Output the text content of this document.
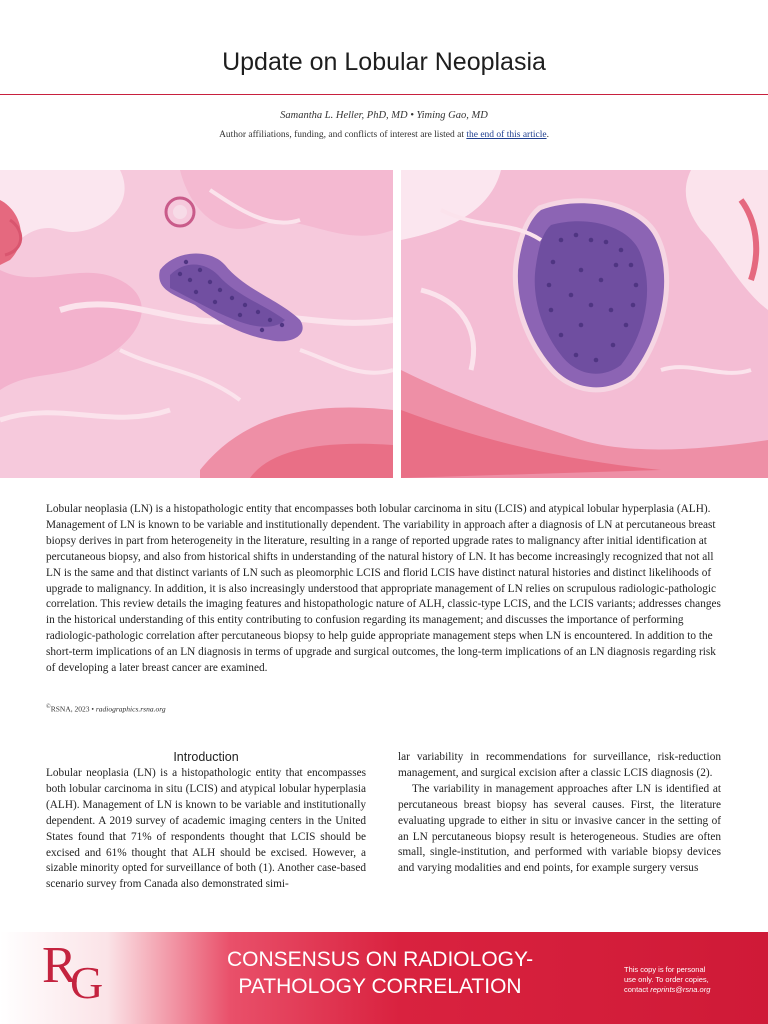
Update on Lobular Neoplasia
Samantha L. Heller, PhD, MD • Yiming Gao, MD
Author affiliations, funding, and conflicts of interest are listed at the end of this article.
Lobular neoplasia (LN) is a histopathologic entity that encompasses both lobular carcinoma in situ (LCIS) and atypical lobular hyperplasia (ALH). Management of LN is known to be variable and institutionally dependent. The variability in approach after a diagnosis of LN at percutaneous breast biopsy derives in part from heterogeneity in the literature, resulting in a range of reported upgrade rates to malignancy after initial identification at percutaneous biopsy, and also from historical shifts in understanding of the natural history of LN. It has become increasingly recognized that not all LN is the same and that distinct variants of LN such as pleomorphic LCIS and florid LCIS have distinct natural histories and distinct likelihoods of upgrade to malignancy. In addition, it is also increasingly understood that appropriate management of LN relies on scrupulous radiologic-pathologic correlation. This review details the imaging features and histopathologic nature of ALH, classic-type LCIS, and the LCIS variants; addresses changes in the historical understanding of this entity contributing to confusion regarding its management; and discusses the importance of performing radiologic-pathologic correlation after percutaneous biopsy to help guide appropriate management steps when LN is encountered. In addition to the short-term implications of an LN diagnosis in terms of upgrade and surgical outcomes, the long-term implications of an LN diagnosis regarding risk of developing a later breast cancer are examined.
©RSNA, 2023 • radiographics.rsna.org
Introduction

Lobular neoplasia (LN) is a histopathologic entity that encompasses both lobular carcinoma in situ (LCIS) and atypical lobular hyperplasia (ALH). Management of LN is known to be variable and institutionally dependent. A 2019 survey of academic imaging centers in the United States found that 71% of respondents thought that LCIS should be excised and 61% thought that ALH should be excised. However, a sizable minority opted for surveillance of both (1). Another case-based scenario survey from Canada also demonstrated simi-

lar variability in recommendations for surveillance, risk-reduction management, and surgical excision after a classic LCIS diagnosis (2).

The variability in management approaches after LN is identified at percutaneous breast biopsy has several causes. First, the literature evaluating upgrade to either in situ or invasive cancer in the setting of an LN percutaneous biopsy result is heterogeneous. Studies are often small, single-institution, and performed with variable biopsy devices and varying modalities and end points, for example surgery versus

R
G	CONSENSUS ON RADIOLOGY-
PATHOLOGY CORRELATION
This copy is for personal
use only. To order copies,
contact reprints@rsna.org
